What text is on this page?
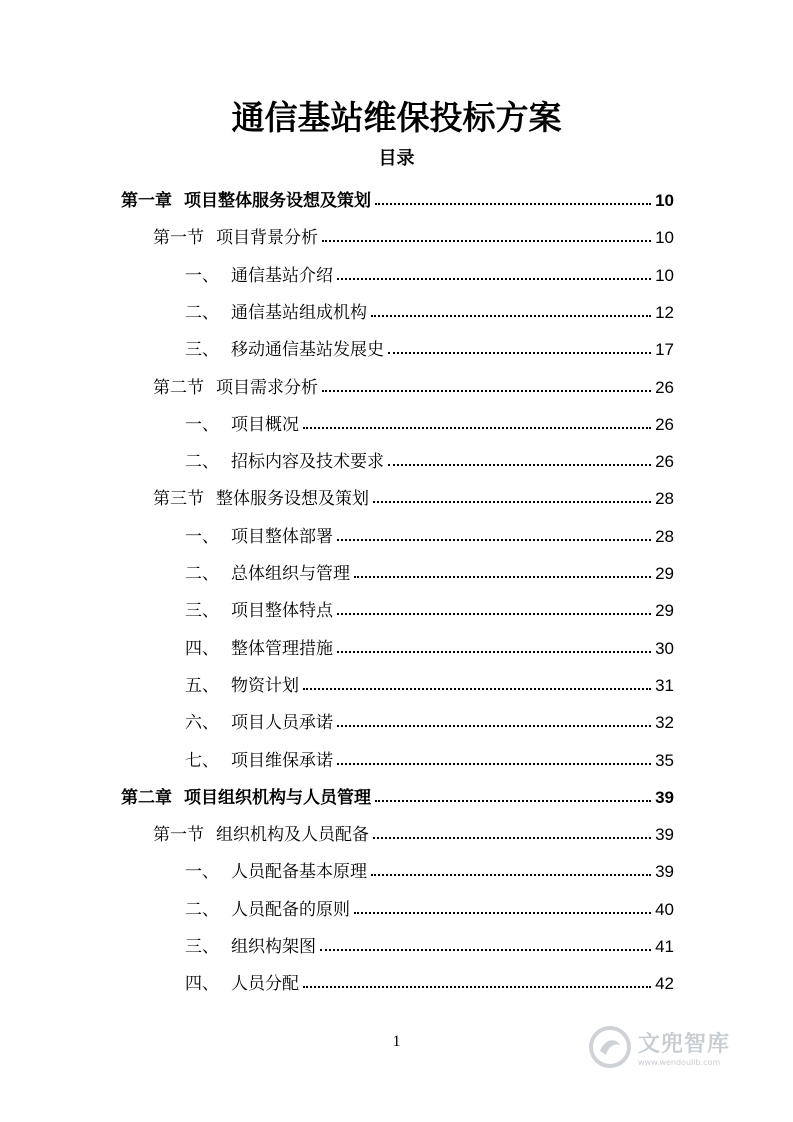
通信基站维保投标方案
目录
第一章 项目整体服务设想及策划	10
第一节 项目背景分析	10
一、 通信基站介绍	10
二、 通信基站组成机构	12
三、 移动通信基站发展史	17
第二节 项目需求分析	26
一、 项目概况	26
二、 招标内容及技术要求	26
第三节 整体服务设想及策划	28
一、 项目整体部署	28
二、 总体组织与管理	29
三、 项目整体特点	29
四、 整体管理措施	30
五、 物资计划	31
六、 项目人员承诺	32
七、 项目维保承诺	35
第二章 项目组织机构与人员管理	39
第一节 组织机构及人员配备	39
一、 人员配备基本原理	39
二、 人员配备的原则	40
三、 组织构架图	41
四、 人员分配	42
1	文兜智库
www.wendoulib.com
